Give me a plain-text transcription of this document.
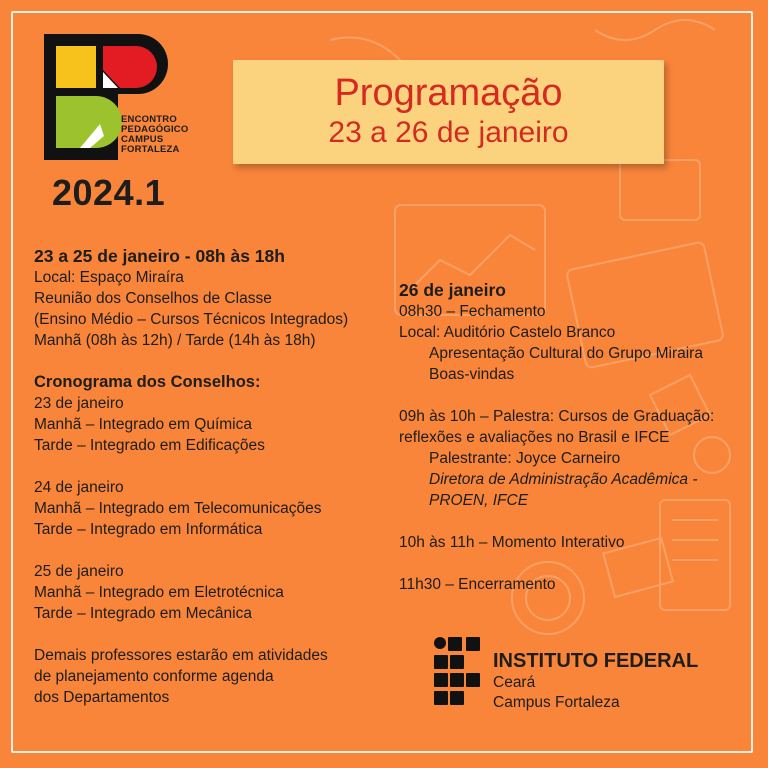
ENCONTRO
PEDAGÓGICO
CAMPUS
FORTALEZA
2024.1
Programação
23 a 26 de janeiro
23 a 25 de janeiro - 08h às 18h
Local: Espaço Miraíra
Reunião dos Conselhos de Classe
(Ensino Médio – Cursos Técnicos Integrados)
Manhã (08h às 12h) / Tarde (14h às 18h)
Cronograma dos Conselhos:
23 de janeiro
Manhã – Integrado em Química
Tarde – Integrado em Edificações
24 de janeiro
Manhã – Integrado em Telecomunicações
Tarde – Integrado em Informática
25 de janeiro
Manhã – Integrado em Eletrotécnica
Tarde – Integrado em Mecânica
Demais professores estarão em atividades
de planejamento conforme agenda
dos Departamentos
26 de janeiro
08h30 – Fechamento
Local: Auditório Castelo Branco
Apresentação Cultural do Grupo Miraira
Boas-vindas
09h às 10h – Palestra: Cursos de Graduação:
reflexões e avaliações no Brasil e IFCE
Palestrante: Joyce Carneiro
Diretora de Administração Acadêmica -
PROEN, IFCE
10h às 11h – Momento Interativo
11h30 – Encerramento
INSTITUTO FEDERAL
Ceará
Campus Fortaleza
